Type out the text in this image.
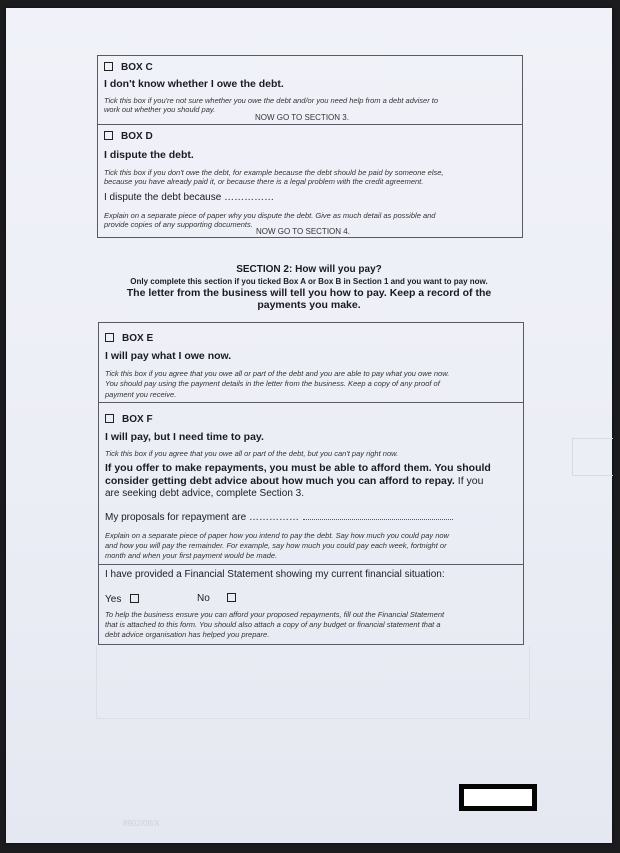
BOX C
I don't know whether I owe the debt.
Tick this box if you're not sure whether you owe the debt and/or you need help from a debt adviser to
work out whether you should pay.
NOW GO TO SECTION 3.
BOX D
I dispute the debt.
Tick this box if you don't owe the debt, for example because the debt should be paid by someone else,
because you have already paid it, or because there is a legal problem with the credit agreement.
I dispute the debt because ……………
Explain on a separate piece of paper why you dispute the debt. Give as much detail as possible and
provide copies of any supporting documents.
NOW GO TO SECTION 4.
SECTION 2: How will you pay?
Only complete this section if you ticked Box A or Box B in Section 1 and you want to pay now.
The letter from the business will tell you how to pay. Keep a record of the
payments you make.
BOX E
I will pay what I owe now.
Tick this box if you agree that you owe all or part of the debt and you are able to pay what you owe now.
You should pay using the payment details in the letter from the business. Keep a copy of any proof of
payment you receive.
BOX F
I will pay, but I need time to pay.
Tick this box if you agree that you owe all or part of the debt, but you can't pay right now.
If you offer to make repayments, you must be able to afford them. You should
consider getting debt advice about how much you can afford to repay. If you
are seeking debt advice, complete Section 3.
My proposals for repayment are ……………
Explain on a separate piece of paper how you intend to pay the debt. Say how much you could pay now
and how you will pay the remainder. For example, say how much you could pay each week, fortnight or
month and when your first payment would be made.
I have provided a Financial Statement showing my current financial situation:
Yes	No
To help the business ensure you can afford your proposed repayments, fill out the Financial Statement
that is attached to this form. You should also attach a copy of any budget or financial statement that a
debt advice organisation has helped you prepare.
8902/08/X
